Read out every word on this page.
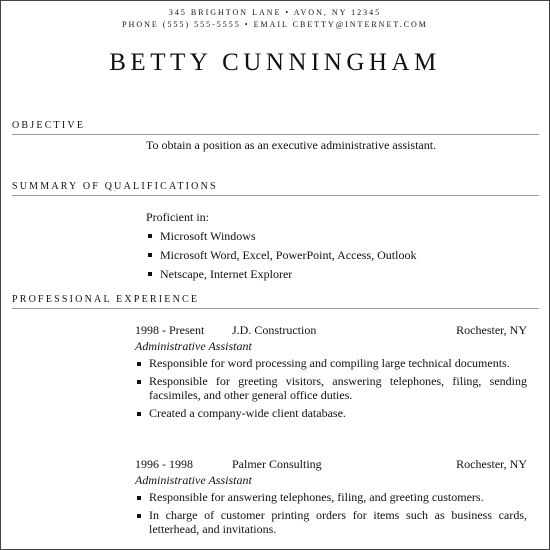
345 BRIGHTON LANE • AVON, NY 12345
PHONE (555) 555-5555 • EMAIL CBETTY@INTERNET.COM
BETTY CUNNINGHAM
OBJECTIVE
To obtain a position as an executive administrative assistant.
SUMMARY OF QUALIFICATIONS
Proficient in:
Microsoft Windows
Microsoft Word, Excel, PowerPoint, Access, Outlook
Netscape, Internet Explorer
PROFESSIONAL EXPERIENCE
1998 - Present J.D. Construction	Rochester, NY
Administrative Assistant
Responsible for word processing and compiling large technical documents.
Responsible for greeting visitors, answering telephones, filing, sending facsimiles, and other general office duties.
Created a company-wide client database.
1996 - 1998	Palmer Consulting	Rochester, NY
Administrative Assistant
Responsible for answering telephones, filing, and greeting customers.
In charge of customer printing orders for items such as business cards, letterhead, and invitations.
